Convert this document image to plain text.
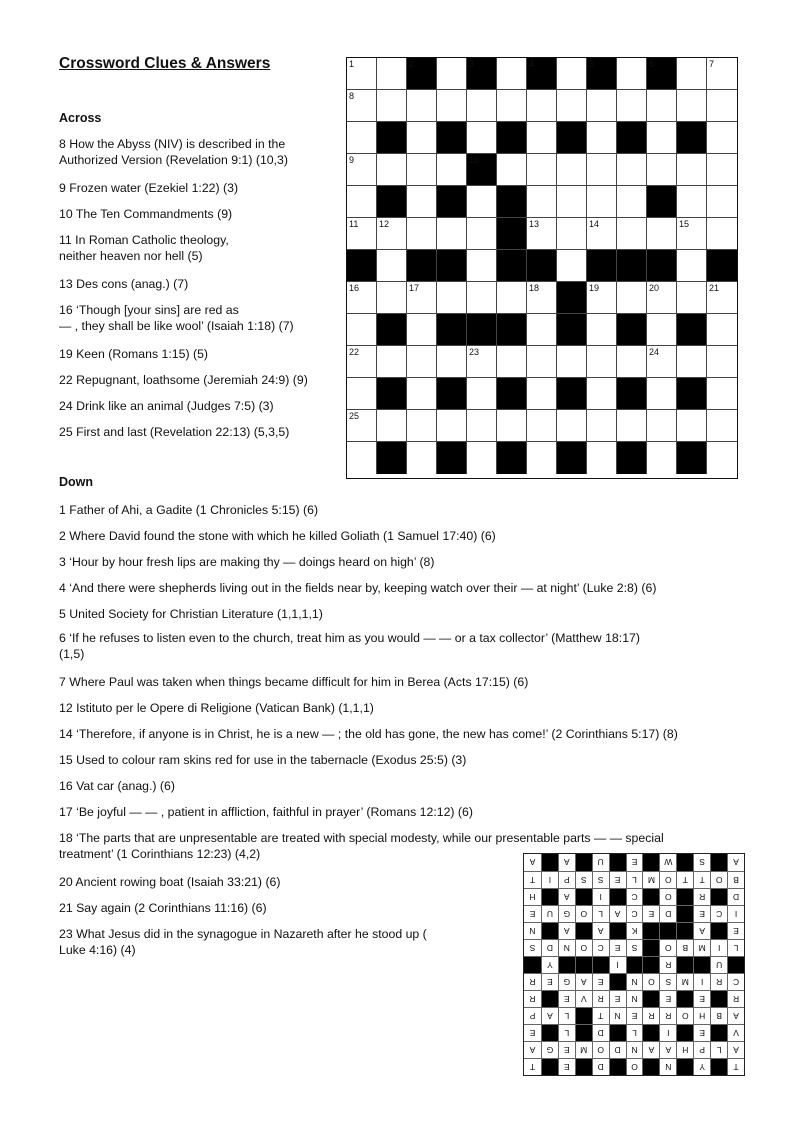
Crossword Clues & Answers
Across
8 How the Abyss (NIV) is described in the
Authorized Version (Revelation 9:1) (10,3)
9 Frozen water (Ezekiel 1:22) (3)
10 The Ten Commandments (9)
11 In Roman Catholic theology,
neither heaven nor hell (5)
13 Des cons (anag.) (7)
16 ‘Though [your sins] are red as
— , they shall be like wool’ (Isaiah 1:18) (7)
19 Keen (Romans 1:15) (5)
22 Repugnant, loathsome (Jeremiah 24:9) (9)
24 Drink like an animal (Judges 7:5) (3)
25 First and last (Revelation 22:13) (5,3,5)
Down
1 Father of Ahi, a Gadite (1 Chronicles 5:15) (6)
2 Where David found the stone with which he killed Goliath (1 Samuel 17:40) (6)
3 ‘Hour by hour fresh lips are making thy — doings heard on high’ (8)
4 ‘And there were shepherds living out in the fields near by, keeping watch over their — at night’ (Luke 2:8) (6)
5 United Society for Christian Literature (1,1,1,1)
6 ‘If he refuses to listen even to the church, treat him as you would — — or a tax collector’ (Matthew 18:17)
(1,5)
7 Where Paul was taken when things became difficult for him in Berea (Acts 17:15) (6)
12 Istituto per le Opere di Religione (Vatican Bank) (1,1,1)
14 ‘Therefore, if anyone is in Christ, he is a new — ; the old has gone, the new has come!’ (2 Corinthians 5:17) (8)
15 Used to colour ram skins red for use in the tabernacle (Exodus 25:5) (3)
16 Vat car (anag.) (6)
17 ‘Be joyful — — , patient in affliction, faithful in prayer’ (Romans 12:12) (6)
18 ‘The parts that are unpresentable are treated with special modesty, while our presentable parts — — special
treatment’ (1 Corinthians 12:23) (4,2)
20 Ancient rowing boat (Isaiah 33:21) (6)
21 Say again (2 Corinthians 11:16) (6)
23 What Jesus did in the synagogue in Nazareth after he stood up (
Luke 4:16) (4)
1	2	3	4	5	6	7
8
9	10
11 12	13	14	15
16	17	18	19	20	21
22	23	24
25
T
Y
N
O
D
E
T
A
L
P
H
A
A
N
D
O
M
E
G
A
V
E
I
L
D
L
E
A
B
H
O
R
R
E
N
T
L
A
P
R
E
E
N
E
R
V
E
R
C
R
I
M
S
O
N
E
A
G
E
R
U
R
I
Y
L
I
M
B
O
S
E
C
O
N
D
S
E
A
K
A
A
N
I
C
E
D
E
C
A
L
O
G
U
E
D
R
O
C
I
A
H
B
O
T
T
O
M
L
E
S
S
P
I
T
A
S
W
E
U
A
A
